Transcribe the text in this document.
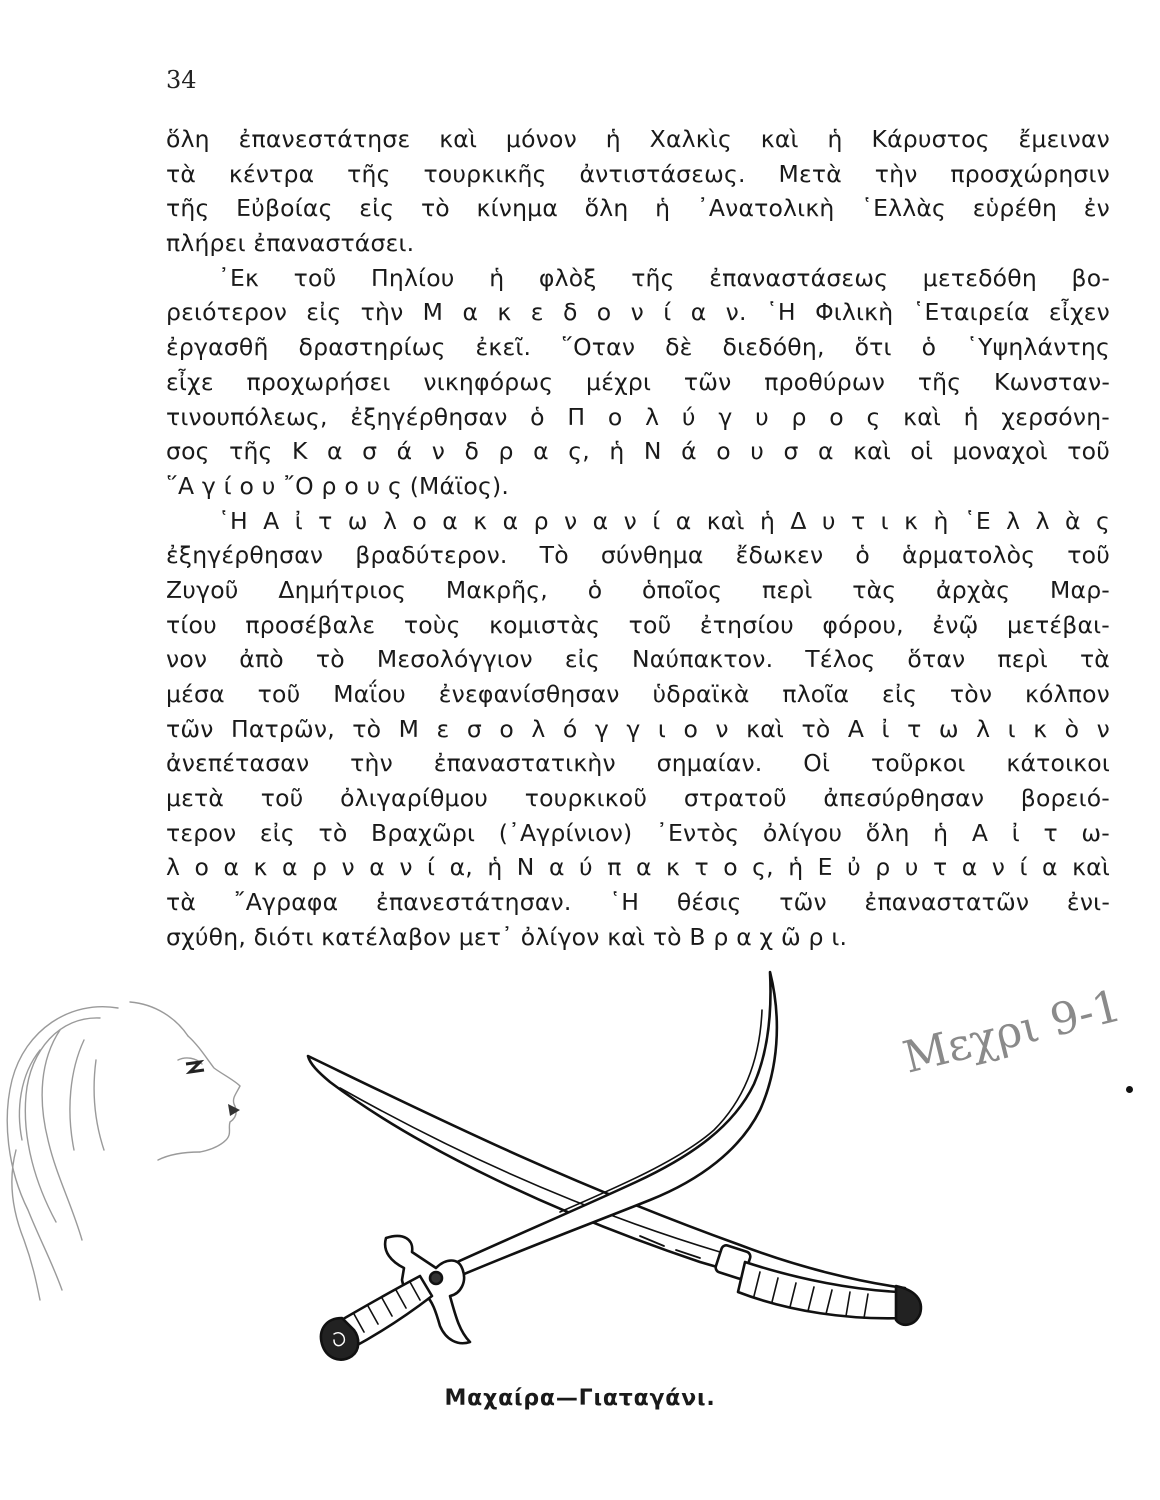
34
ὅλη ἐπανεστάτησε καὶ μόνον ἡ Χαλκὶς καὶ ἡ Κάρυστος ἔμειναν
τὰ κέντρα τῆς τουρκικῆς ἀντιστάσεως. Μετὰ τὴν προσχώρησιν
τῆς Εὐβοίας εἰς τὸ κίνημα ὅλη ἡ ᾿Ανατολικὴ ῾Ελλὰς εὑρέθη ἐν
πλήρει ἐπαναστάσει.
᾿Εκ τοῦ Πηλίου ἡ φλὸξ τῆς ἐπαναστάσεως μετεδόθη βο-
ρειότερον εἰς τὴν Μ α κ ε δ ο ν ί α ν. ῾Η Φιλικὴ ῾Εταιρεία εἶχεν
ἐργασθῆ δραστηρίως ἐκεῖ. ῞Οταν δὲ διεδόθη, ὅτι ὁ ῾Υψηλάντης
εἶχε προχωρήσει νικηφόρως μέχρι τῶν προθύρων τῆς Κωνσταν-
τινουπόλεως, ἐξηγέρθησαν ὁ Π ο λ ύ γ υ ρ ο ς καὶ ἡ χερσόνη-
σος τῆς Κ α σ ά ν δ ρ α ς, ἡ Ν ά ο υ σ α καὶ οἱ μοναχοὶ τοῦ
῞Α γ ί ο υ ῎Ο ρ ο υ ς (Μάϊος).
῾Η Α ἰ τ ω λ ο α κ α ρ ν α ν ί α καὶ ἡ Δ υ τ ι κ ὴ ῾Ε λ λ ὰ ς
ἐξηγέρθησαν βραδύτερον. Τὸ σύνθημα ἔδωκεν ὁ ἁρματολὸς τοῦ
Ζυγοῦ Δημήτριος Μακρῆς, ὁ ὁποῖος περὶ τὰς ἀρχὰς Μαρ-
τίου προσέβαλε τοὺς κομιστὰς τοῦ ἐτησίου φόρου, ἐνῷ μετέβαι-
νον ἀπὸ τὸ Μεσολόγγιον εἰς Ναύπακτον. Τέλος ὅταν περὶ τὰ
μέσα τοῦ Μαΐου ἐνεφανίσθησαν ὑδραϊκὰ πλοῖα εἰς τὸν κόλπον
τῶν Πατρῶν, τὸ Μ ε σ ο λ ό γ γ ι ο ν καὶ τὸ Α ἰ τ ω λ ι κ ὸ ν
ἀνεπέτασαν τὴν ἐπαναστατικὴν σημαίαν. Οἱ τοῦρκοι κάτοικοι
μετὰ τοῦ ὀλιγαρίθμου τουρκικοῦ στρατοῦ ἀπεσύρθησαν βορειό-
τερον εἰς τὸ Βραχῶρι (᾿Αγρίνιον) ᾿Εντὸς ὀλίγου ὅλη ἡ Α ἰ τ ω-
λ ο α κ α ρ ν α ν ί α, ἡ Ν α ύ π α κ τ ο ς, ἡ Ε ὐ ρ υ τ α ν ί α καὶ
τὰ ῎Αγραφα ἐπανεστάτησαν. ῾Η θέσις τῶν ἐπαναστατῶν ἐνι-
σχύθη, διότι κατέλαβον μετ᾿ ὀλίγον καὶ τὸ Β ρ α χ ῶ ρ ι.
Μεχρι 9-1
Μαχαίρα—Γιαταγάνι.
